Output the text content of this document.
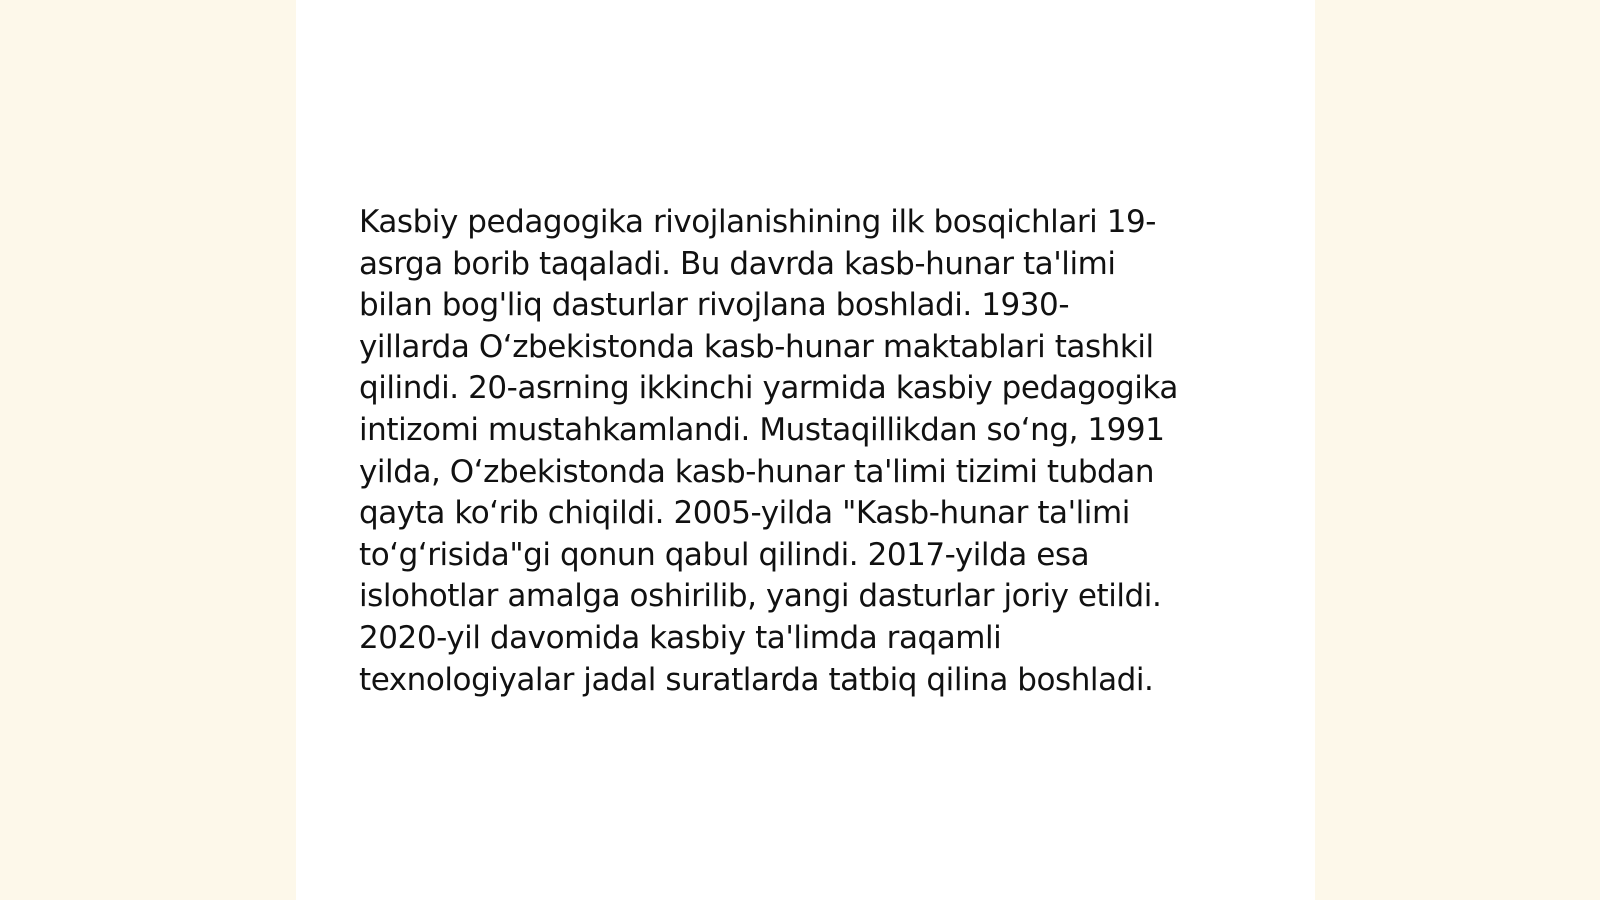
Kasbiy pedagogika rivojlanishining ilk bosqichlari 19-
asrga borib taqaladi. Bu davrda kasb-hunar ta'limi
bilan bog'liq dasturlar rivojlana boshladi. 1930-
yillarda O‘zbekistonda kasb-hunar maktablari tashkil
qilindi. 20-asrning ikkinchi yarmida kasbiy pedagogika
intizomi mustahkamlandi. Mustaqillikdan so‘ng, 1991
yilda, O‘zbekistonda kasb-hunar ta'limi tizimi tubdan
qayta ko‘rib chiqildi. 2005-yilda "Kasb-hunar ta'limi
to‘g‘risida"gi qonun qabul qilindi. 2017-yilda esa
islohotlar amalga oshirilib, yangi dasturlar joriy etildi.
2020-yil davomida kasbiy ta'limda raqamli
texnologiyalar jadal suratlarda tatbiq qilina boshladi.
